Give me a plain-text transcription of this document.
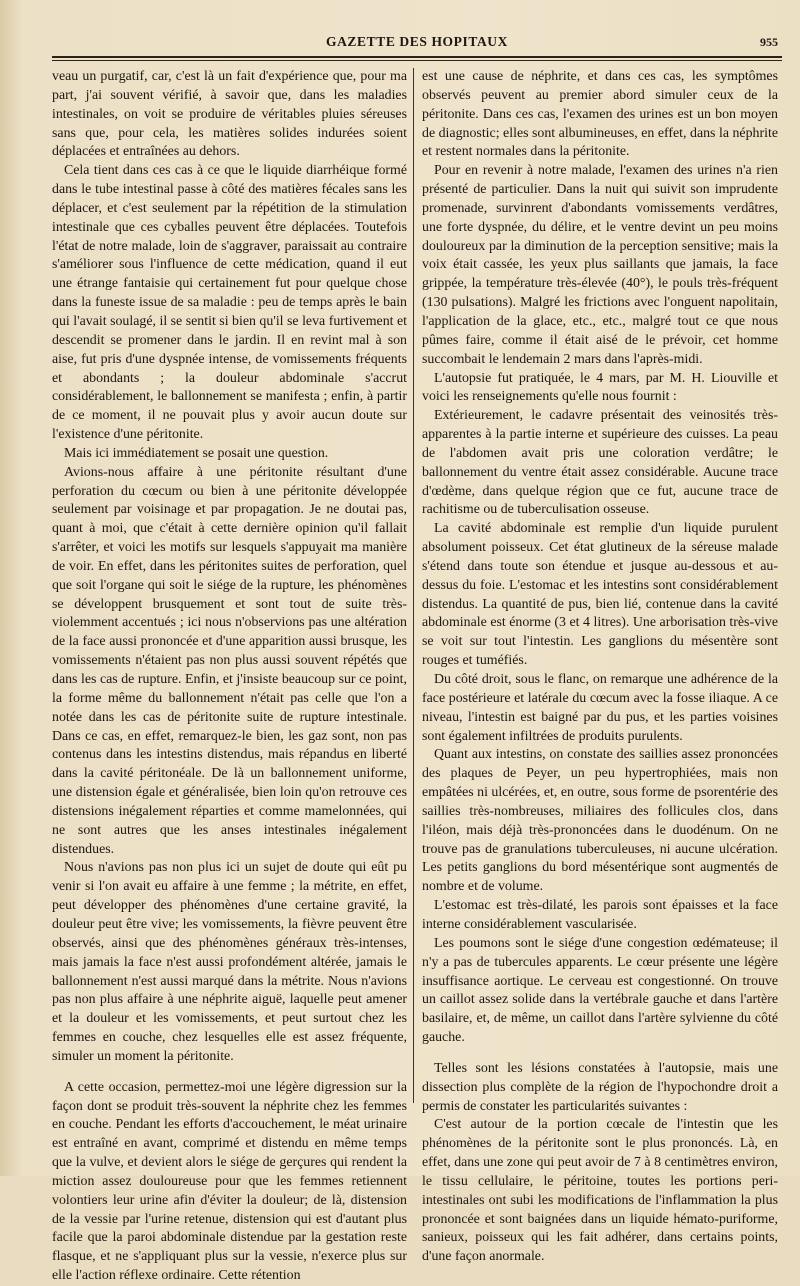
GAZETTE DES HOPITAUX	955

veau un purgatif, car, c'est là un fait d'expérience que, pour ma part, j'ai souvent vérifié, à savoir que, dans les maladies intestinales, on voit se produire de véritables pluies séreuses sans que, pour cela, les matières solides indurées soient déplacées et entraînées au dehors.

Cela tient dans ces cas à ce que le liquide diarrhéique formé dans le tube intestinal passe à côté des matières fécales sans les déplacer, et c'est seulement par la répétition de la stimulation intestinale que ces cyballes peuvent être déplacées. Toutefois l'état de notre malade, loin de s'aggraver, paraissait au contraire s'améliorer sous l'influence de cette médication, quand il eut une étrange fantaisie qui certainement fut pour quelque chose dans la funeste issue de sa maladie : peu de temps après le bain qui l'avait soulagé, il se sentit si bien qu'il se leva furtivement et descendit se promener dans le jardin. Il en revint mal à son aise, fut pris d'une dyspnée intense, de vomissements fréquents et abondants ; la douleur abdominale s'accrut considérablement, le ballonnement se manifesta ; enfin, à partir de ce moment, il ne pouvait plus y avoir aucun doute sur l'existence d'une péritonite.

Mais ici immédiatement se posait une question.

Avions-nous affaire à une péritonite résultant d'une perforation du cœcum ou bien à une péritonite développée seulement par voisinage et par propagation. Je ne doutai pas, quant à moi, que c'était à cette dernière opinion qu'il fallait s'arrêter, et voici les motifs sur lesquels s'appuyait ma manière de voir. En effet, dans les péritonites suites de perforation, quel que soit l'organe qui soit le siége de la rupture, les phénomènes se développent brusquement et sont tout de suite très-violemment accentués ; ici nous n'observions pas une altération de la face aussi prononcée et d'une apparition aussi brusque, les vomissements n'étaient pas non plus aussi souvent répétés que dans les cas de rupture. Enfin, et j'insiste beaucoup sur ce point, la forme même du ballonnement n'était pas celle que l'on a notée dans les cas de péritonite suite de rupture intestinale. Dans ce cas, en effet, remarquez-le bien, les gaz sont, non pas contenus dans les intestins distendus, mais répandus en liberté dans la cavité péritonéale. De là un ballonnement uniforme, une distension égale et généralisée, bien loin qu'on retrouve ces distensions inégalement réparties et comme mamelonnées, qui ne sont autres que les anses intestinales inégalement distendues.

Nous n'avions pas non plus ici un sujet de doute qui eût pu venir si l'on avait eu affaire à une femme ; la métrite, en effet, peut développer des phénomènes d'une certaine gravité, la douleur peut être vive; les vomissements, la fièvre peuvent être observés, ainsi que des phénomènes généraux très-intenses, mais jamais la face n'est aussi profondément altérée, jamais le ballonnement n'est aussi marqué dans la métrite. Nous n'avions pas non plus affaire à une néphrite aiguë, laquelle peut amener et la douleur et les vomissements, et peut surtout chez les femmes en couche, chez lesquelles elle est assez fréquente, simuler un moment la péritonite.

A cette occasion, permettez-moi une légère digression sur la façon dont se produit très-souvent la néphrite chez les femmes en couche. Pendant les efforts d'accouchement, le méat urinaire est entraîné en avant, comprimé et distendu en même temps que la vulve, et devient alors le siége de gerçures qui rendent la miction assez douloureuse pour que les femmes retiennent volontiers leur urine afin d'éviter la douleur; de là, distension de la vessie par l'urine retenue, distension qui est d'autant plus facile que la paroi abdominale distendue par la gestation reste flasque, et ne s'appliquant plus sur la vessie, n'exerce plus sur elle l'action réflexe ordinaire. Cette rétention

est une cause de néphrite, et dans ces cas, les symptômes observés peuvent au premier abord simuler ceux de la péritonite. Dans ces cas, l'examen des urines est un bon moyen de diagnostic; elles sont albumineuses, en effet, dans la néphrite et restent normales dans la péritonite.

Pour en revenir à notre malade, l'examen des urines n'a rien présenté de particulier. Dans la nuit qui suivit son imprudente promenade, survinrent d'abondants vomissements verdâtres, une forte dyspnée, du délire, et le ventre devint un peu moins douloureux par la diminution de la perception sensitive; mais la voix était cassée, les yeux plus saillants que jamais, la face grippée, la température très-élevée (40°), le pouls très-fréquent (130 pulsations). Malgré les frictions avec l'onguent napolitain, l'application de la glace, etc., etc., malgré tout ce que nous pûmes faire, comme il était aisé de le prévoir, cet homme succombait le lendemain 2 mars dans l'après-midi.

L'autopsie fut pratiquée, le 4 mars, par M. H. Liouville et voici les renseignements qu'elle nous fournit :

Extérieurement, le cadavre présentait des veinosités très-apparentes à la partie interne et supérieure des cuisses. La peau de l'abdomen avait pris une coloration verdâtre; le ballonnement du ventre était assez considérable. Aucune trace d'œdème, dans quelque région que ce fut, aucune trace de rachitisme ou de tuberculisation osseuse.

La cavité abdominale est remplie d'un liquide purulent absolument poisseux. Cet état glutineux de la séreuse malade s'étend dans toute son étendue et jusque au-dessous et au-dessus du foie. L'estomac et les intestins sont considérablement distendus. La quantité de pus, bien lié, contenue dans la cavité abdominale est énorme (3 et 4 litres). Une arborisation très-vive se voit sur tout l'intestin. Les ganglions du mésentère sont rouges et tuméfiés.

Du côté droit, sous le flanc, on remarque une adhérence de la face postérieure et latérale du cœcum avec la fosse iliaque. A ce niveau, l'intestin est baigné par du pus, et les parties voisines sont également infiltrées de produits purulents.

Quant aux intestins, on constate des saillies assez prononcées des plaques de Peyer, un peu hypertrophiées, mais non empâtées ni ulcérées, et, en outre, sous forme de psorentérie des saillies très-nombreuses, miliaires des follicules clos, dans l'iléon, mais déjà très-prononcées dans le duodénum. On ne trouve pas de granulations tuberculeuses, ni aucune ulcération. Les petits ganglions du bord mésentérique sont augmentés de nombre et de volume.

L'estomac est très-dilaté, les parois sont épaisses et la face interne considérablement vascularisée.

Les poumons sont le siége d'une congestion œdémateuse; il n'y a pas de tubercules apparents. Le cœur présente une légère insuffisance aortique. Le cerveau est congestionné. On trouve un caillot assez solide dans la vertébrale gauche et dans l'artère basilaire, et, de même, un caillot dans l'artère sylvienne du côté gauche.

Telles sont les lésions constatées à l'autopsie, mais une dissection plus complète de la région de l'hypochondre droit a permis de constater les particularités suivantes :

C'est autour de la portion cœcale de l'intestin que les phénomènes de la péritonite sont le plus prononcés. Là, en effet, dans une zone qui peut avoir de 7 à 8 centimètres environ, le tissu cellulaire, le péritoine, toutes les portions peri-intestinales ont subi les modifications de l'inflammation la plus prononcée et sont baignées dans un liquide hémato-puriforme, sanieux, poisseux qui les fait adhérer, dans certains points, d'une façon anormale.
